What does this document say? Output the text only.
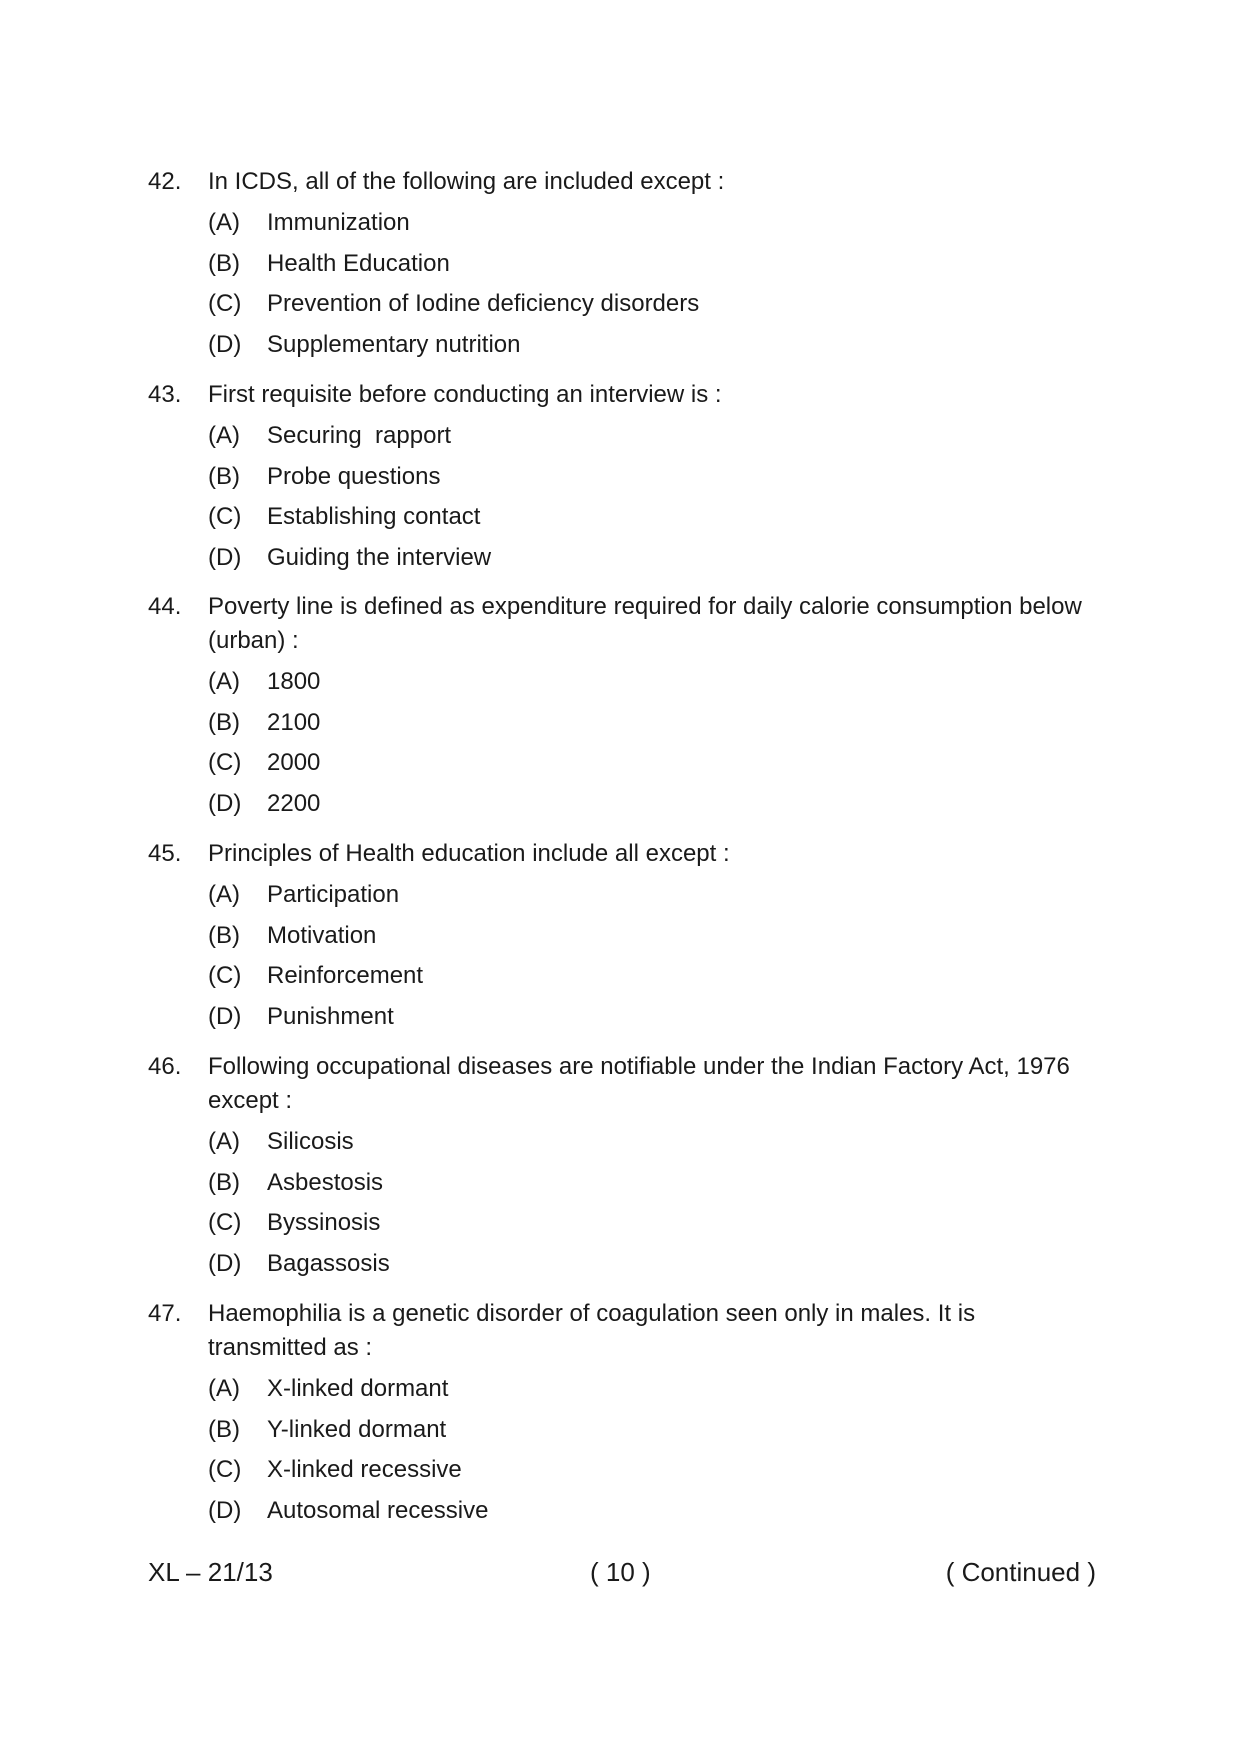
42.	In ICDS, all of the following are included except :
(A)	Immunization
(B)	Health Education
(C)	Prevention of Iodine deficiency disorders
(D)	Supplementary nutrition
43.	First requisite before conducting an interview is :
(A)	Securing  rapport
(B)	Probe questions
(C)	Establishing contact
(D)	Guiding the interview
44.	Poverty line is defined as expenditure required for daily calorie consumption below (urban) :
(A)	1800
(B)	2100
(C)	2000
(D)	2200
45.	Principles of Health education include all except :
(A)	Participation
(B)	Motivation
(C)	Reinforcement
(D)	Punishment
46.	Following occupational diseases are notifiable under the Indian Factory Act, 1976 except :
(A)	Silicosis
(B)	Asbestosis
(C)	Byssinosis
(D)	Bagassosis
47.	Haemophilia is a genetic disorder of coagulation seen only in males. It is transmitted as :
(A)	X-linked dormant
(B)	Y-linked dormant
(C)	X-linked recessive
(D)	Autosomal recessive
XL – 21/13	( 10 )	( Continued )
